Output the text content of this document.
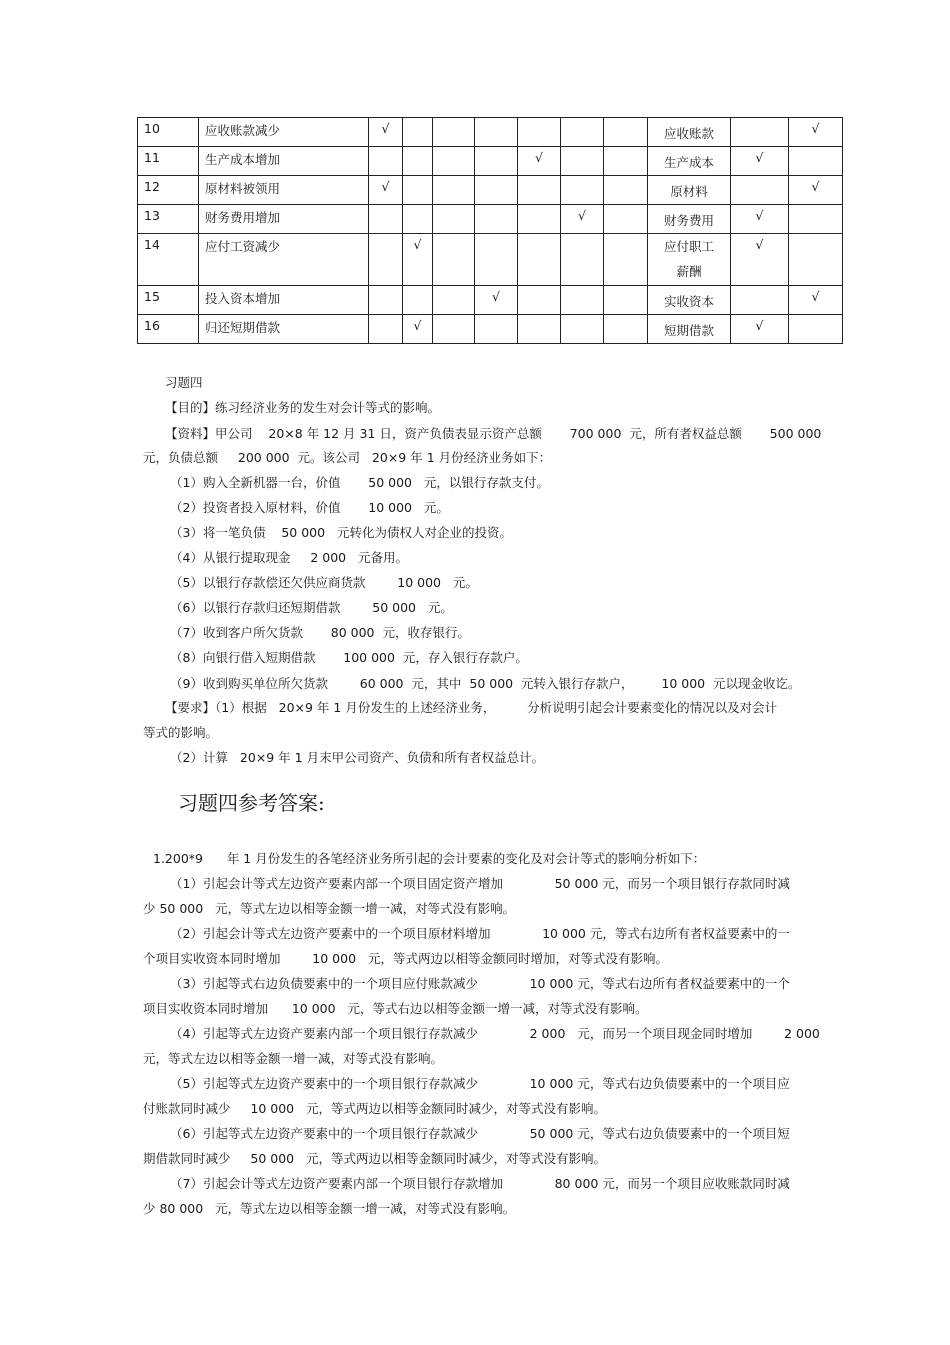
10	应收账款减少	√							应收账款		√
11	生产成本增加					√			生产成本	√	
12	原材料被领用	√							原材料		√
13	财务费用增加						√		财务费用	√	
14	应付工资减少		√						应付职工薪酬	√	
15	投入资本增加				√				实收资本		√
16	归还短期借款		√						短期借款	√	
习题四
【目的】练习经济业务的发生对会计等式的影响。
【资料】甲公司    20×8 年 12 月 31 日，资产负债表显示资产总额       700 000  元，所有者权益总额       500 000
元，负债总额     200 000  元。该公司   20×9 年 1 月份经济业务如下：
（1）购入全新机器一台，价值       50 000   元，以银行存款支付。
（2）投资者投入原材料，价值       10 000   元。
（3）将一笔负债    50 000   元转化为债权人对企业的投资。
（4）从银行提取现金     2 000   元备用。
（5）以银行存款偿还欠供应商货款        10 000   元。
（6）以银行存款归还短期借款        50 000   元。
（7）收到客户所欠货款       80 000  元，收存银行。
（8）向银行借入短期借款       100 000  元，存入银行存款户。
（9）收到购买单位所欠货款        60 000  元，其中  50 000  元转入银行存款户，       10 000  元以现金收讫。
【要求】（1）根据   20×9 年 1 月份发生的上述经济业务，        分析说明引起会计要素变化的情况以及对会计
等式的影响。
（2）计算   20×9 年 1 月末甲公司资产、负债和所有者权益总计。
习题四参考答案:
1.200*9      年 1 月份发生的各笔经济业务所引起的会计要素的变化及对会计等式的影响分析如下：
（1）引起会计等式左边资产要素内部一个项目固定资产增加             50 000 元，而另一个项目银行存款同时减
少 50 000   元，等式左边以相等金额一增一减，对等式没有影响。
（2）引起会计等式左边资产要素中的一个项目原材料增加             10 000 元，等式右边所有者权益要素中的一
个项目实收资本同时增加        10 000   元，等式两边以相等金额同时增加，对等式没有影响。
（3）引起等式右边负债要素中的一个项目应付账款减少             10 000 元，等式右边所有者权益要素中的一个
项目实收资本同时增加      10 000   元，等式右边以相等金额一增一减，对等式没有影响。
（4）引起等式左边资产要素内部一个项目银行存款减少             2 000   元，而另一个项目现金同时增加        2 000
元，等式左边以相等金额一增一减，对等式没有影响。
（5）引起等式左边资产要素中的一个项目银行存款减少             10 000 元，等式右边负债要素中的一个项目应
付账款同时减少     10 000   元，等式两边以相等金额同时减少，对等式没有影响。
（6）引起等式左边资产要素中的一个项目银行存款减少             50 000 元，等式右边负债要素中的一个项目短
期借款同时减少     50 000   元，等式两边以相等金额同时减少，对等式没有影响。
（7）引起会计等式左边资产要素内部一个项目银行存款增加             80 000 元，而另一个项目应收账款同时减
少 80 000   元，等式左边以相等金额一增一减，对等式没有影响。
